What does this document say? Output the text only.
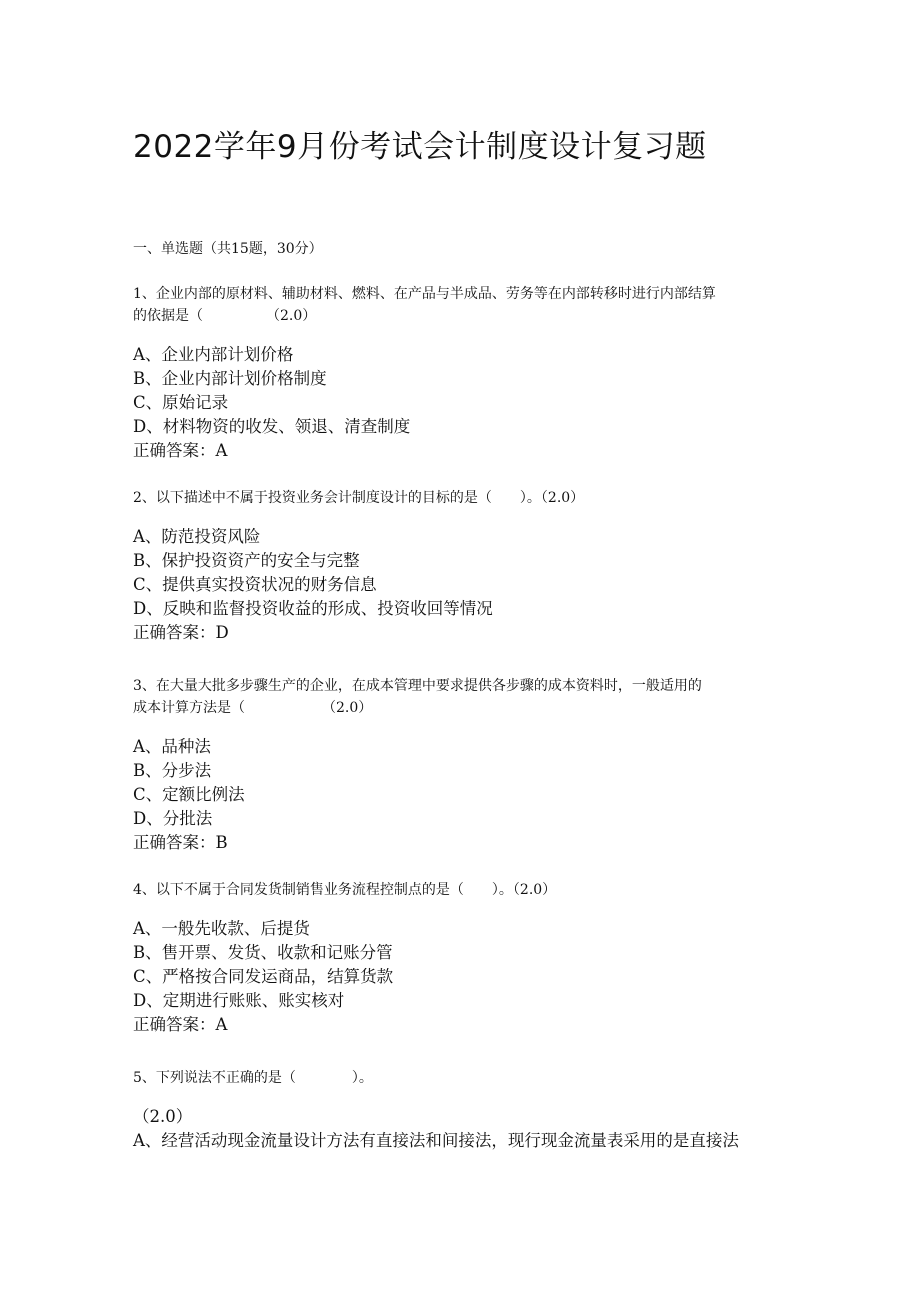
2022学年9月份考试会计制度设计复习题
一、单选题（共15题，30分）

1、企业内部的原材料、辅助材料、燃料、在产品与半成品、劳务等在内部转移时进行内部结算
的依据是（　　　　　（2.0）

A、企业内部计划价格
B、企业内部计划价格制度
C、原始记录
D、材料物资的收发、领退、清查制度

正确答案：A

2、以下描述中不属于投资业务会计制度设计的目标的是（　　）。（2.0）

A、防范投资风险
B、保护投资资产的安全与完整
C、提供真实投资状况的财务信息
D、反映和监督投资收益的形成、投资收回等情况

正确答案：D

3、在大量大批多步骤生产的企业，在成本管理中要求提供各步骤的成本资料时，一般适用的
成本计算方法是（　　　　　　（2.0）

A、品种法
B、分步法
C、定额比例法
D、分批法

正确答案：B

4、以下不属于合同发货制销售业务流程控制点的是（　　）。（2.0）

A、一般先收款、后提货
B、售开票、发货、收款和记账分管
C、严格按合同发运商品，结算货款
D、定期进行账账、账实核对

正确答案：A

5、下列说法不正确的是（　　　　）。

（2.0）
A、经营活动现金流量设计方法有直接法和间接法，现行现金流量表采用的是直接法
